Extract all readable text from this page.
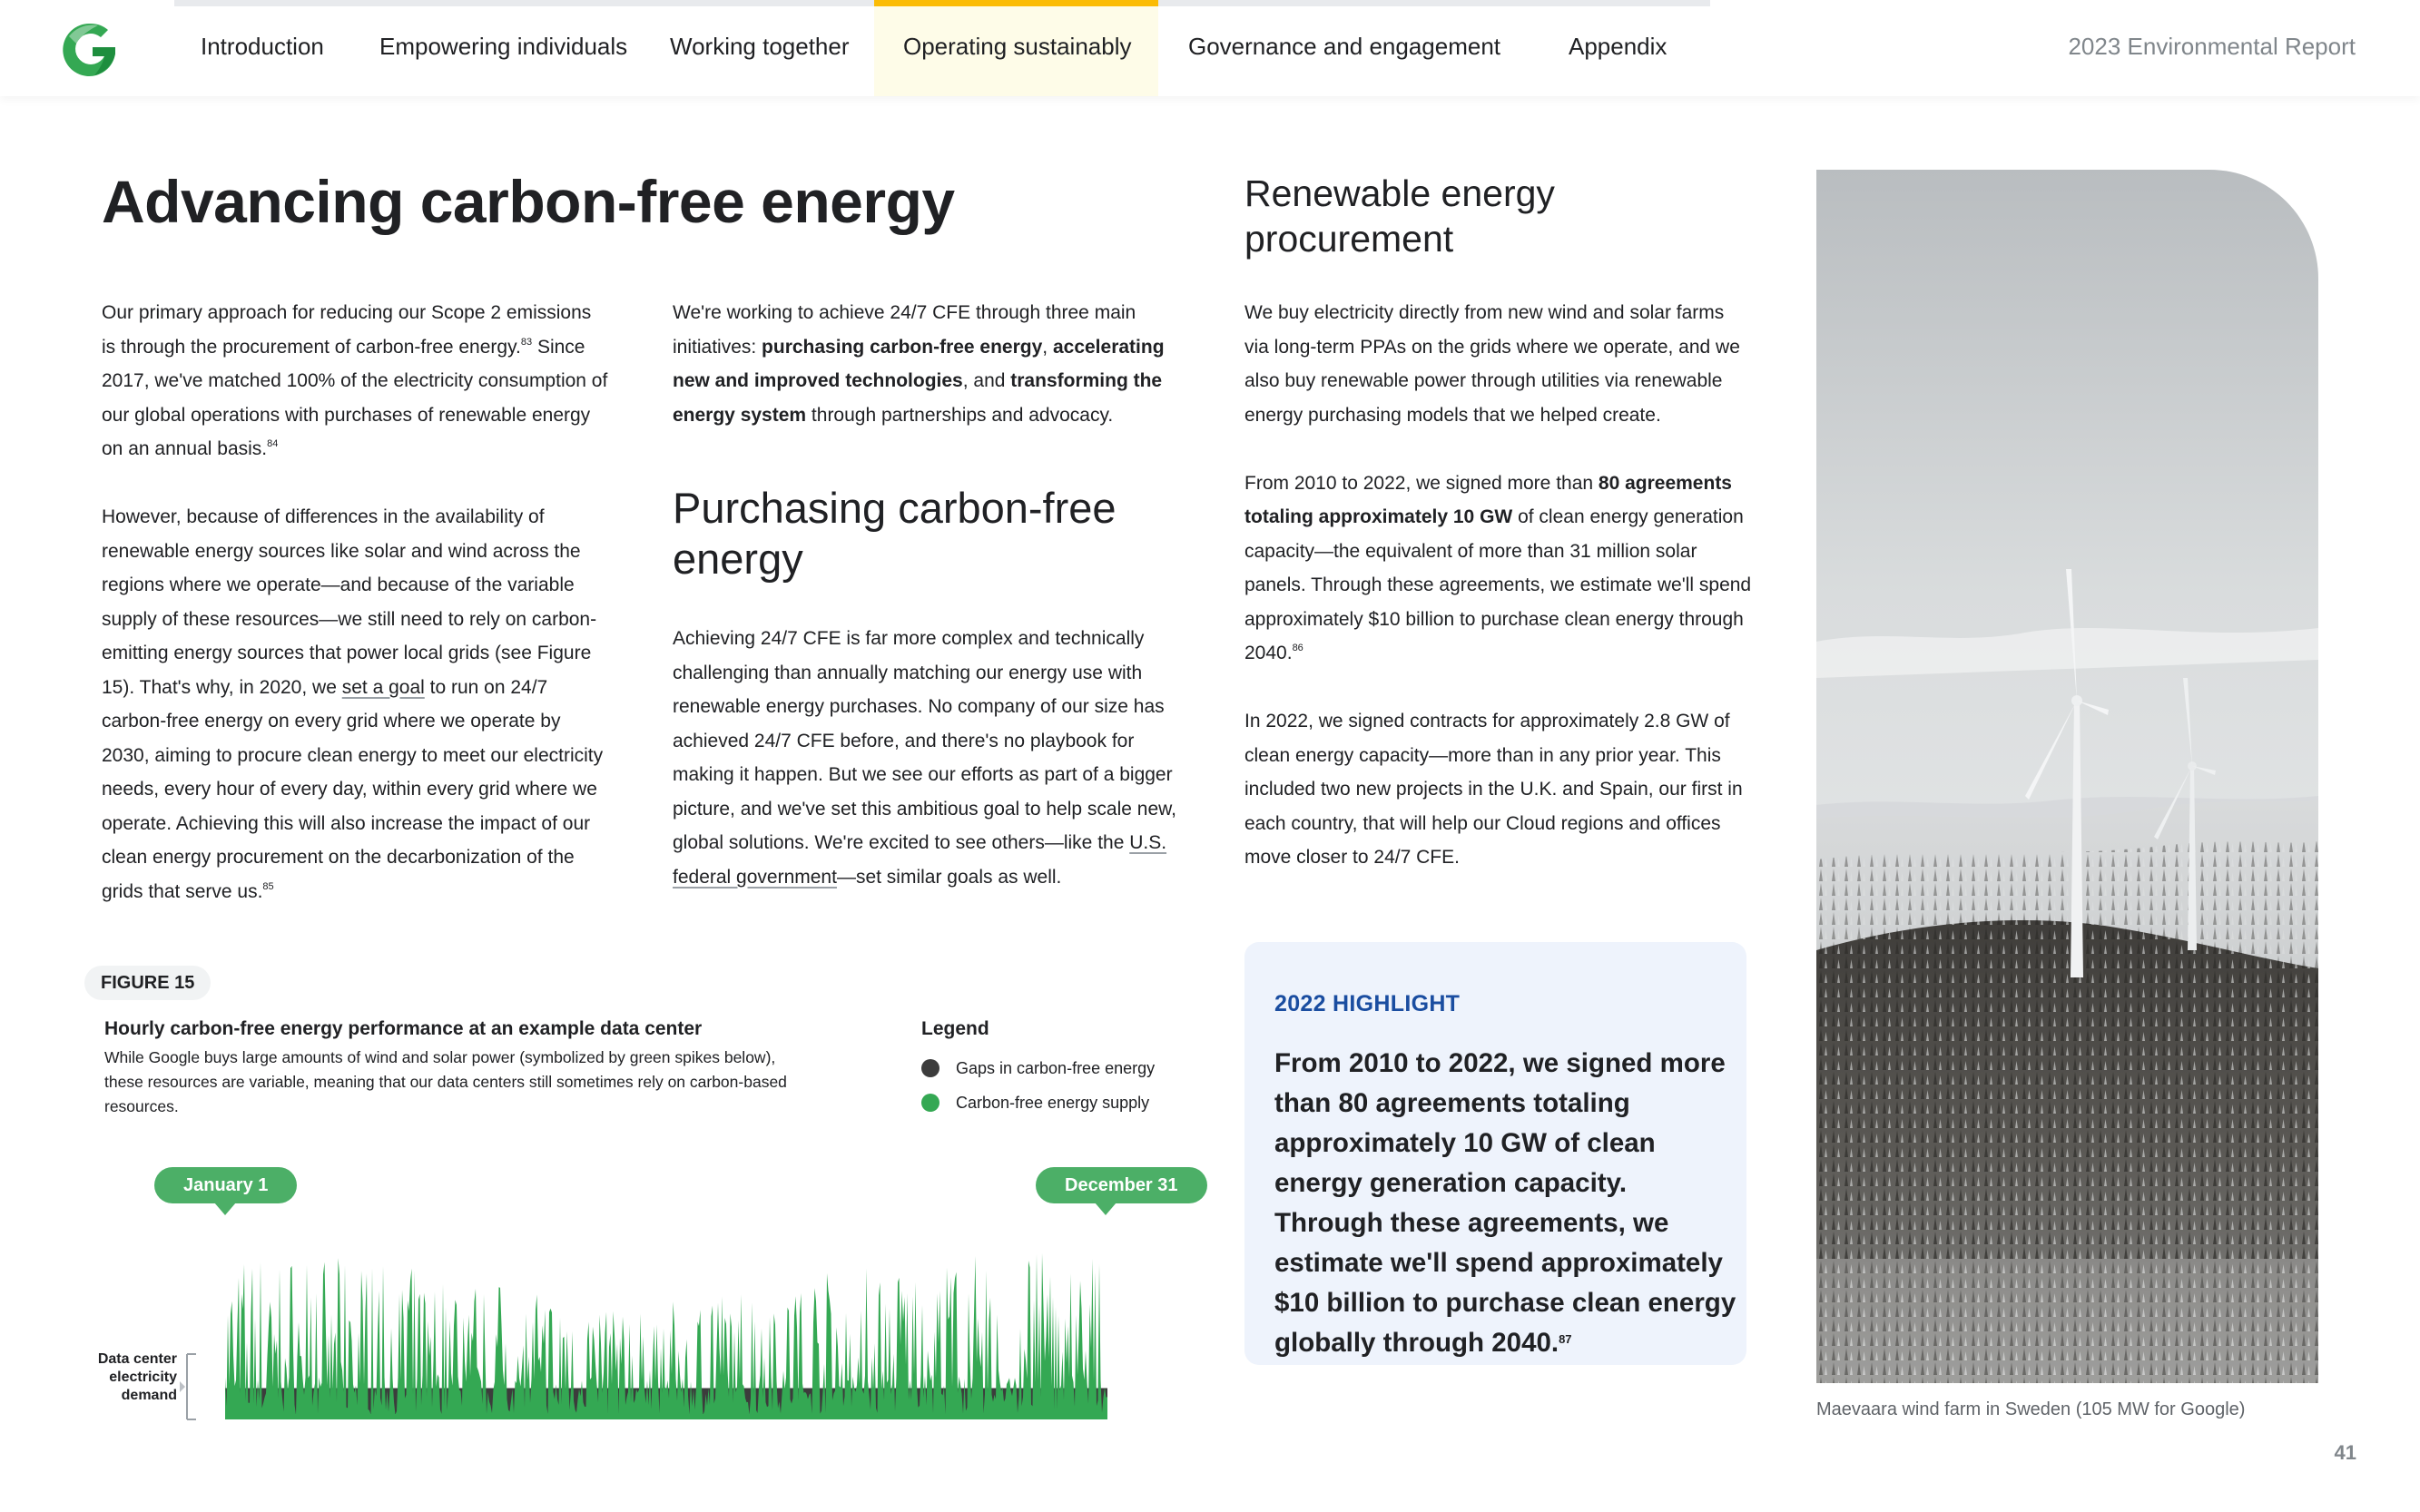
Introduction Empowering individuals Working together Operating sustainably Governance and engagement	Appendix	2023 Environmental Report
Advancing carbon-free energy

Our primary approach for reducing our Scope 2 emissions is through the procurement of carbon-free energy.$^{83}$ Since 2017, we've matched 100% of the electricity consumption of our global operations with purchases of renewable energy on an annual basis.$^{84}$

However, because of differences in the availability of renewable energy sources like solar and wind across the regions where we operate—and because of the variable supply of these resources—we still need to rely on carbon-emitting energy sources that power local grids (see Figure 15). That's why, in 2020, we set a goal to run on 24/7 carbon-free energy on every grid where we operate by 2030, aiming to procure clean energy to meet our electricity needs, every hour of every day, within every grid where we operate. Achieving this will also increase the impact of our clean energy procurement on the decarbonization of the grids that serve us.$^{85}$

We're working to achieve 24/7 CFE through three main initiatives: purchasing carbon-free energy, accelerating new and improved technologies, and transforming the energy system through partnerships and advocacy.

Purchasing carbon-free energy

Achieving 24/7 CFE is far more complex and technically challenging than annually matching our energy use with renewable energy purchases. No company of our size has achieved 24/7 CFE before, and there's no playbook for making it happen. But we see our efforts as part of a bigger picture, and we've set this ambitious goal to help scale new, global solutions. We're excited to see others—like the U.S. federal government—set similar goals as well.

Renewable energy procurement

We buy electricity directly from new wind and solar farms via long-term PPAs on the grids where we operate, and we also buy renewable power through utilities via renewable energy purchasing models that we helped create.

From 2010 to 2022, we signed more than 80 agreements totaling approximately 10 GW of clean energy generation capacity—the equivalent of more than 31 million solar panels. Through these agreements, we estimate we'll spend approximately $10 billion to purchase clean energy through 2040.86

In 2022, we signed contracts for approximately 2.8 GW of clean energy capacity—more than in any prior year. This included two new projects in the U.K. and Spain, our first in each country, that will help our Cloud regions and offices move closer to 24/7 CFE.

2022 HIGHLIGHT
From 2010 to 2022, we signed more than 80 agreements totaling approximately 10 GW of clean energy generation capacity. Through these agreements, we estimate we'll spend approximately $10 billion to purchase clean energy globally through 2040.87
FIGURE 15
Hourly carbon-free energy performance at an example data center
While Google buys large amounts of wind and solar power (symbolized by green spikes below), these resources are variable, meaning that our data centers still sometimes rely on carbon-based resources.
Legend
Gaps in carbon-free energy
Carbon-free energy supply
January 1	December 31
Data center electricity demand
Maevaara wind farm in Sweden (105 MW for Google)
41
